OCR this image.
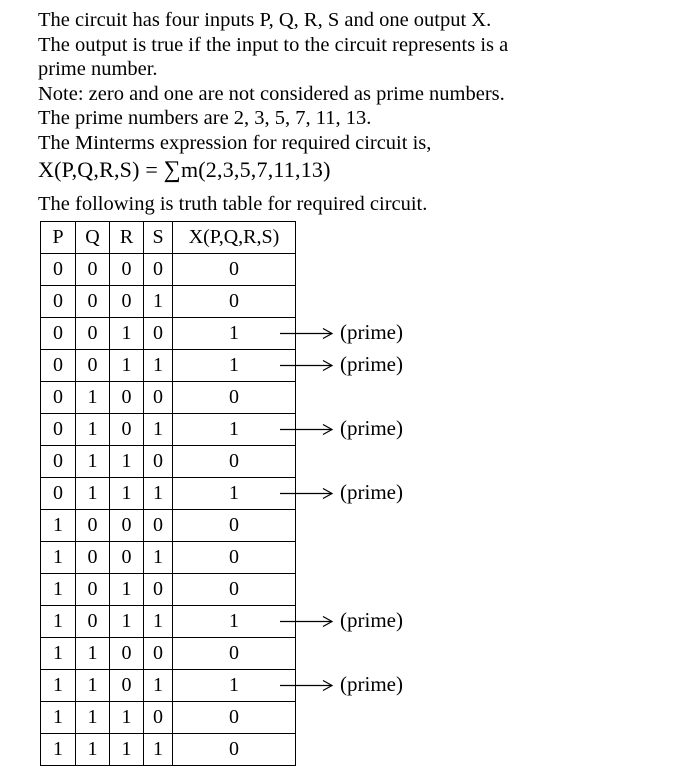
The circuit has four inputs P, Q, R, S and one output X.
The output is true if the input to the circuit represents is a
prime number.
Note: zero and one are not considered as prime numbers.
The prime numbers are 2, 3, 5, 7, 11, 13.
The Minterms expression for required circuit is,
X(P,Q,R,S) = ∑m(2,3,5,7,11,13)
The following is truth table for required circuit.
P	Q	R	S	X(P,Q,R,S)
0	0	0	0	0
0	0	0	1	0
0	0	1	0	1
0	0	1	1	1
0	1	0	0	0
0	1	0	1	1
0	1	1	0	0
0	1	1	1	1
1	0	0	0	0
1	0	0	1	0
1	0	1	0	0
1	0	1	1	1
1	1	0	0	0
1	1	0	1	1
1	1	1	0	0
1	1	1	1	0
(prime)
(prime)
(prime)
(prime)
(prime)
(prime)
